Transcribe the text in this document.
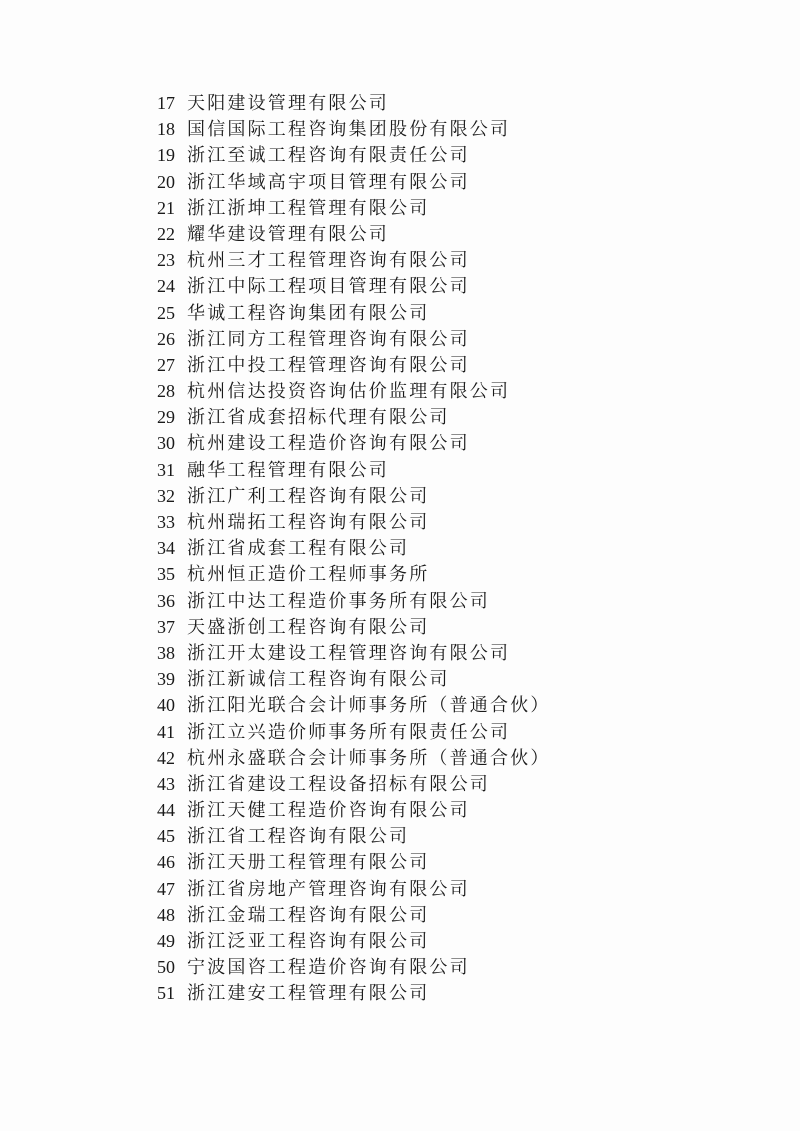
17 天阳建设管理有限公司
18 国信国际工程咨询集团股份有限公司
19 浙江至诚工程咨询有限责任公司
20 浙江华域高宇项目管理有限公司
21 浙江浙坤工程管理有限公司
22 耀华建设管理有限公司
23 杭州三才工程管理咨询有限公司
24 浙江中际工程项目管理有限公司
25 华诚工程咨询集团有限公司
26 浙江同方工程管理咨询有限公司
27 浙江中投工程管理咨询有限公司
28 杭州信达投资咨询估价监理有限公司
29 浙江省成套招标代理有限公司
30 杭州建设工程造价咨询有限公司
31 融华工程管理有限公司
32 浙江广利工程咨询有限公司
33 杭州瑞拓工程咨询有限公司
34 浙江省成套工程有限公司
35 杭州恒正造价工程师事务所
36 浙江中达工程造价事务所有限公司
37 天盛浙创工程咨询有限公司
38 浙江开太建设工程管理咨询有限公司
39 浙江新诚信工程咨询有限公司
40 浙江阳光联合会计师事务所（普通合伙）
41 浙江立兴造价师事务所有限责任公司
42 杭州永盛联合会计师事务所（普通合伙）
43 浙江省建设工程设备招标有限公司
44 浙江天健工程造价咨询有限公司
45 浙江省工程咨询有限公司
46 浙江天册工程管理有限公司
47 浙江省房地产管理咨询有限公司
48 浙江金瑞工程咨询有限公司
49 浙江泛亚工程咨询有限公司
50 宁波国咨工程造价咨询有限公司
51 浙江建安工程管理有限公司
